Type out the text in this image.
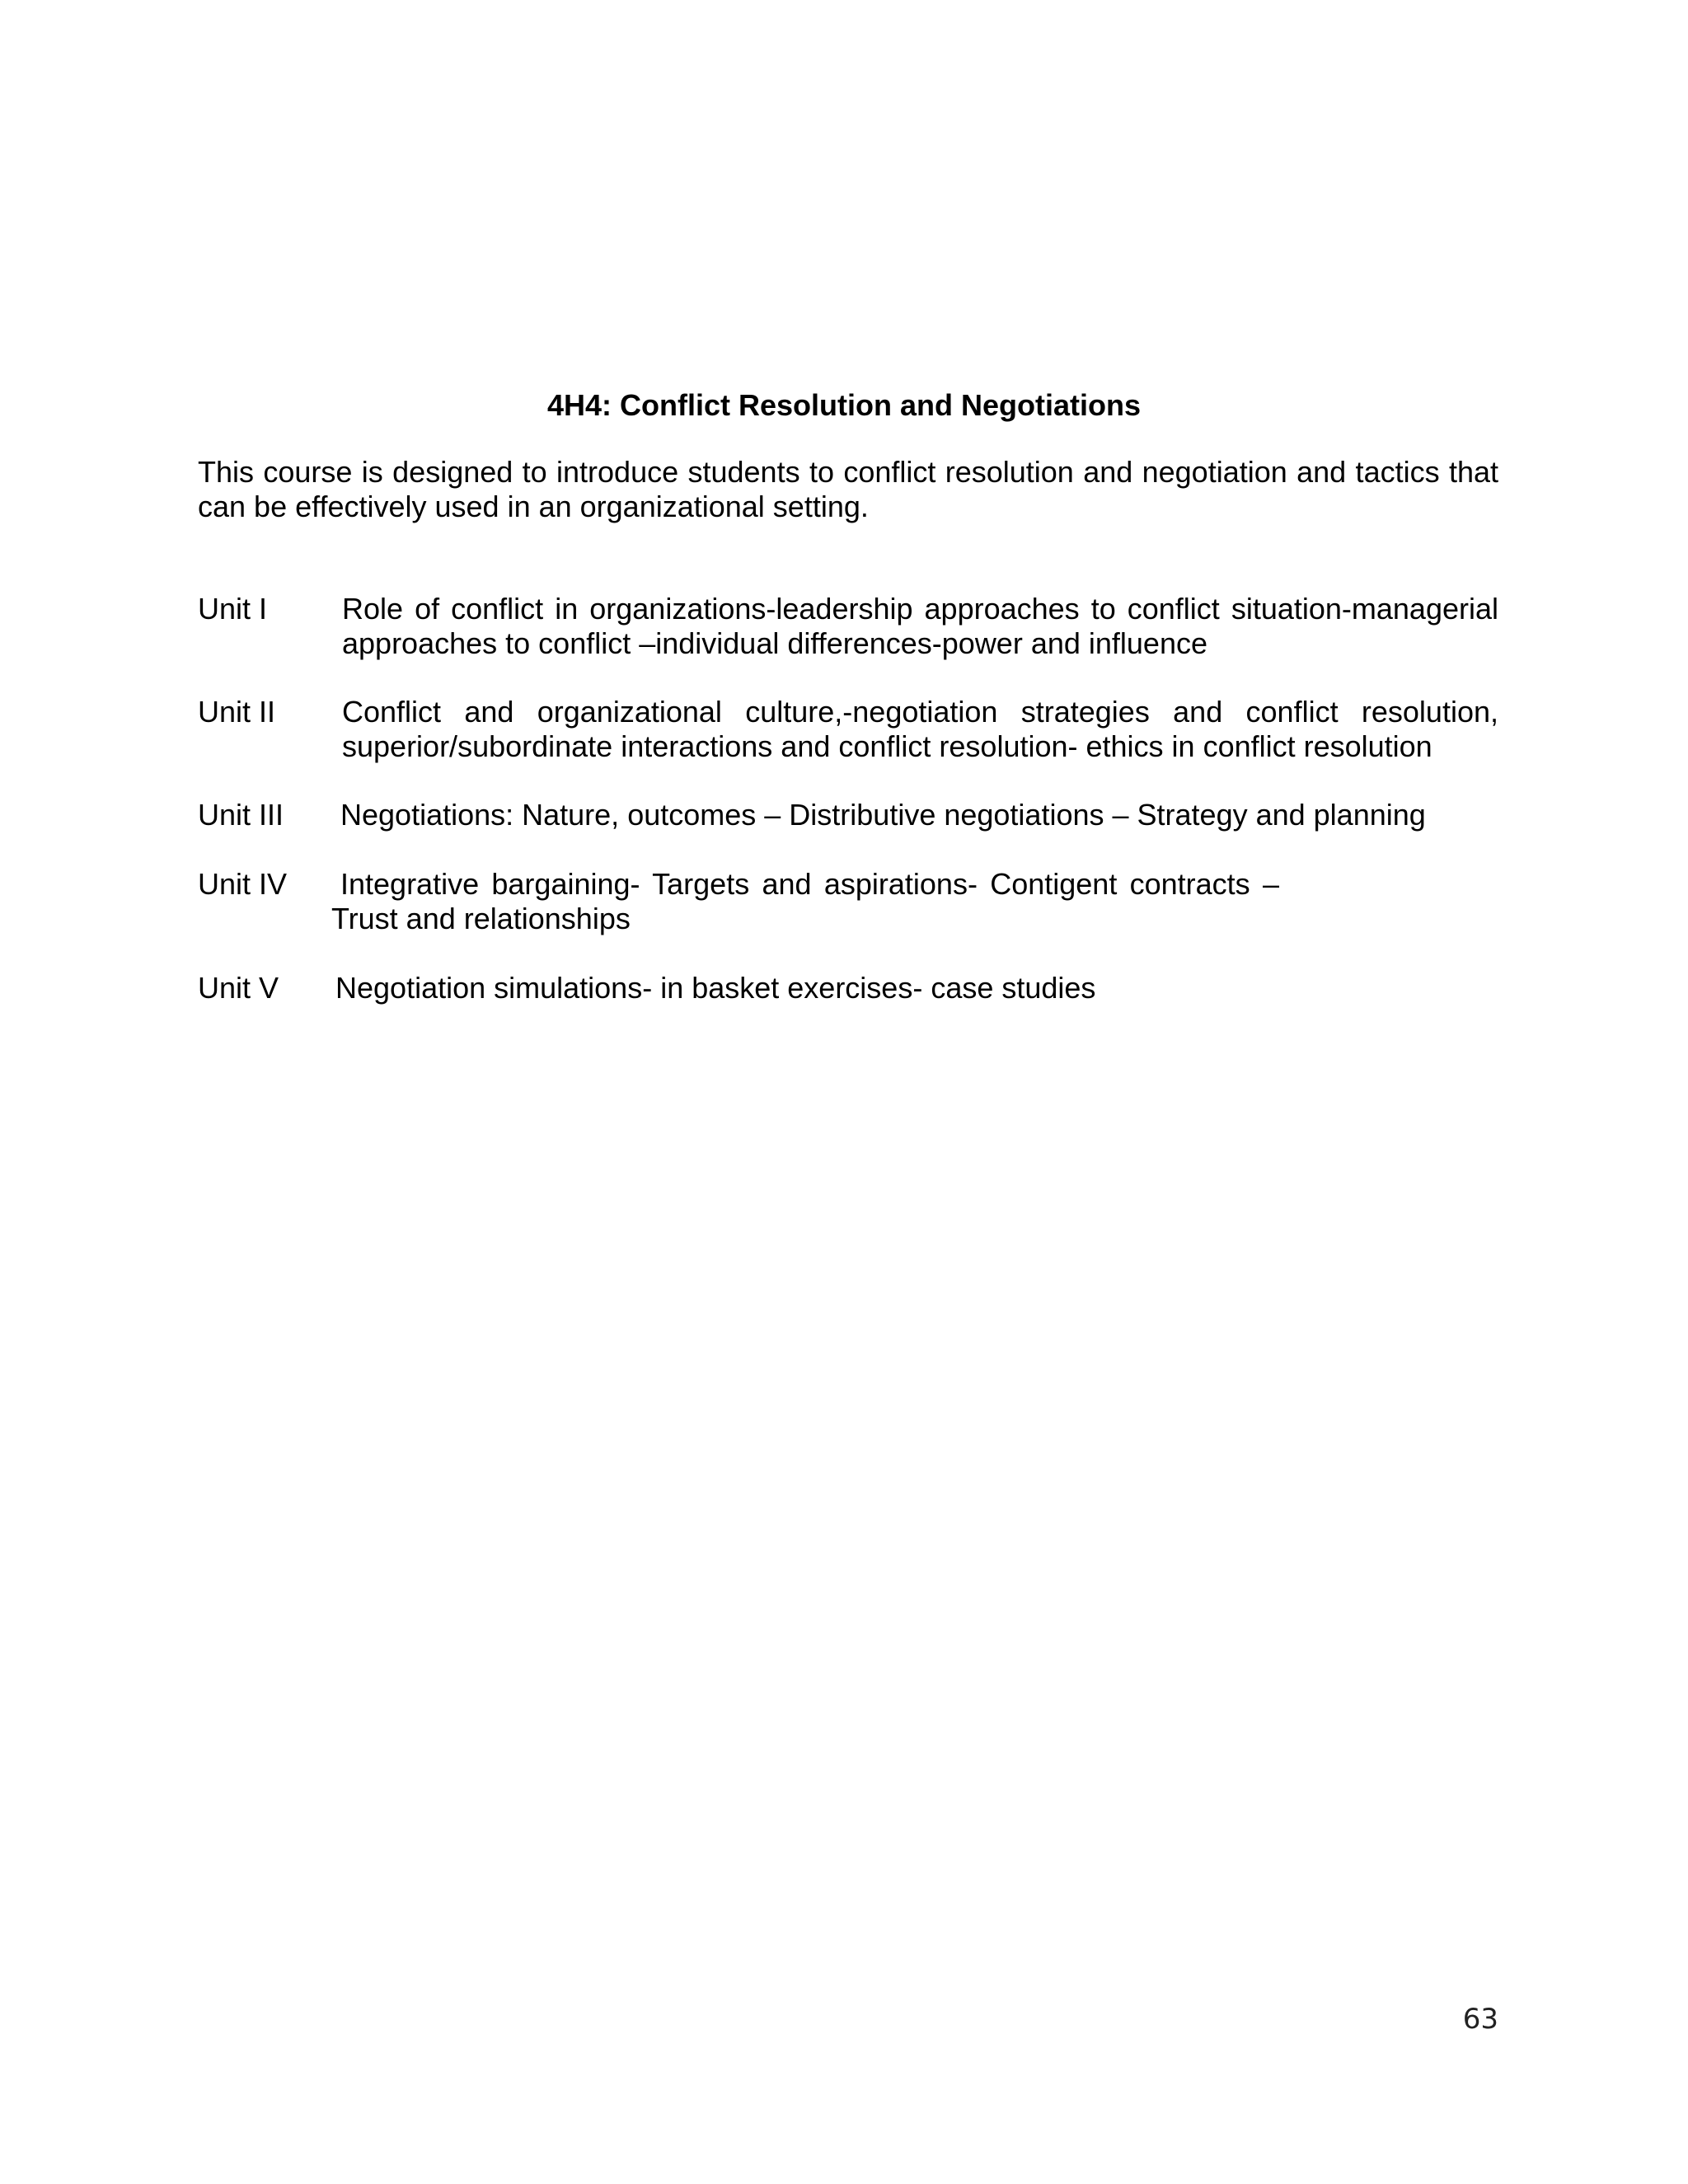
4H4: Conflict Resolution and Negotiations
This course is designed to introduce students to conflict resolution and negotiation and tactics that can be effectively used in an organizational setting.
Unit I	Role of conflict in organizations-leadership approaches to conflict situation-managerial approaches to conflict –individual differences-power and influence
Unit II Conflict and organizational culture,-negotiation strategies and conflict resolution, superior/subordinate interactions and conflict resolution- ethics in conflict resolution
Unit III Negotiations: Nature, outcomes – Distributive negotiations – Strategy and planning
Unit IV	Integrative bargaining- Targets and aspirations- Contigent contracts – Trust and relationships
Unit V Negotiation simulations- in basket exercises- case studies
63
